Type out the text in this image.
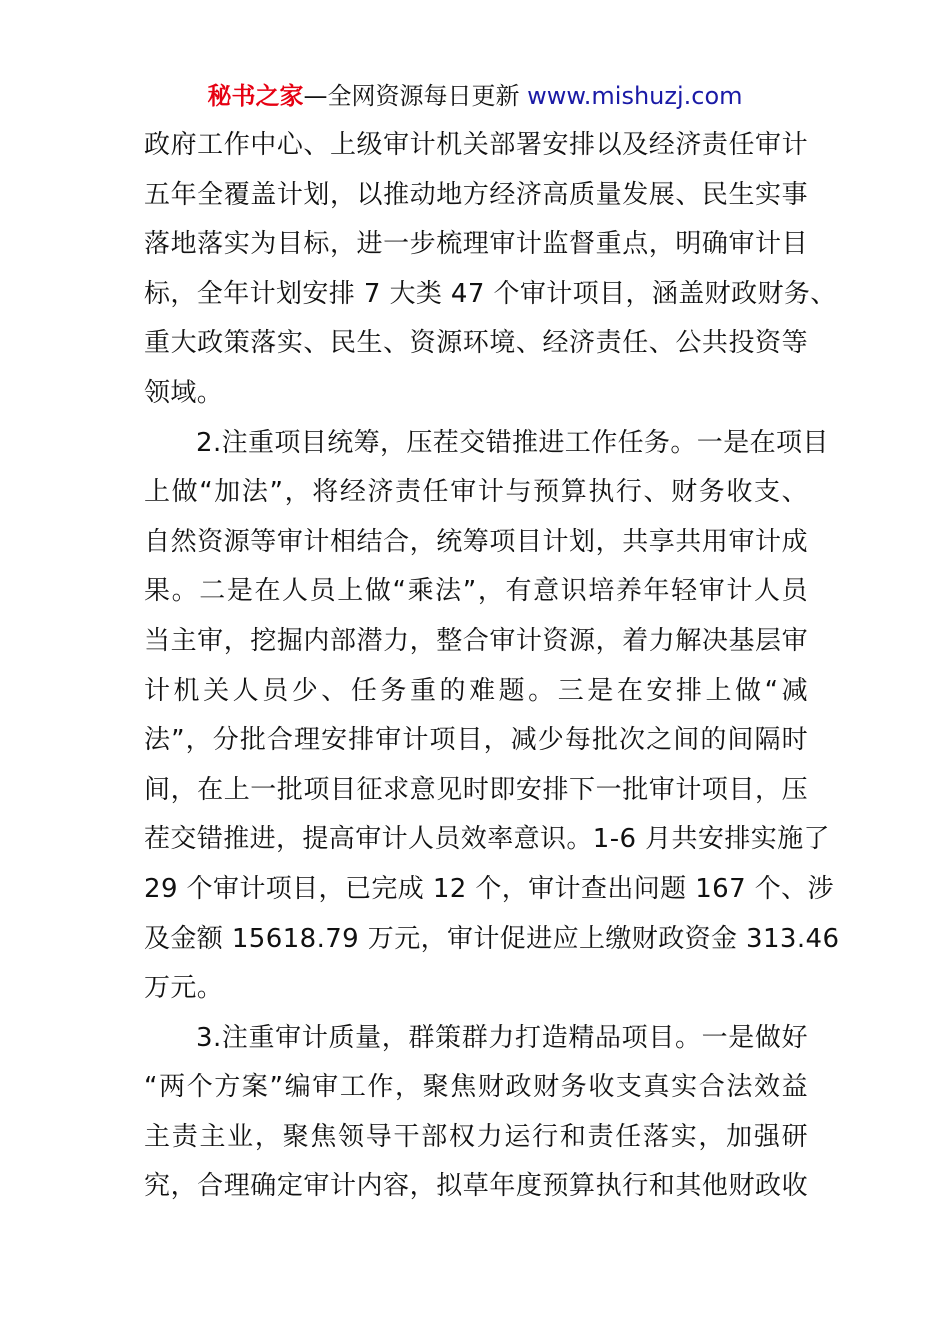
秘书之家—全网资源每日更新 www.mishuzj.com
政府工作中心、上级审计机关部署安排以及经济责任审计
五年全覆盖计划，以推动地方经济高质量发展、民生实事
落地落实为目标，进一步梳理审计监督重点，明确审计目
标，全年计划安排 7 大类 47 个审计项目，涵盖财政财务、
重大政策落实、民生、资源环境、经济责任、公共投资等
领域。
2.注重项目统筹，压茬交错推进工作任务。一是在项目
上做“加法”，将经济责任审计与预算执行、财务收支、
自然资源等审计相结合，统筹项目计划，共享共用审计成
果。二是在人员上做“乘法”，有意识培养年轻审计人员
当主审，挖掘内部潜力，整合审计资源，着力解决基层审
计机关人员少、任务重的难题。三是在安排上做“减
法”，分批合理安排审计项目，减少每批次之间的间隔时
间，在上一批项目征求意见时即安排下一批审计项目，压
茬交错推进，提高审计人员效率意识。1-6 月共安排实施了
29 个审计项目，已完成 12 个，审计查出问题 167 个、涉
及金额 15618.79 万元，审计促进应上缴财政资金 313.46
万元。
3.注重审计质量，群策群力打造精品项目。一是做好
“两个方案”编审工作，聚焦财政财务收支真实合法效益
主责主业，聚焦领导干部权力运行和责任落实，加强研
究，合理确定审计内容，拟草年度预算执行和其他财政收
